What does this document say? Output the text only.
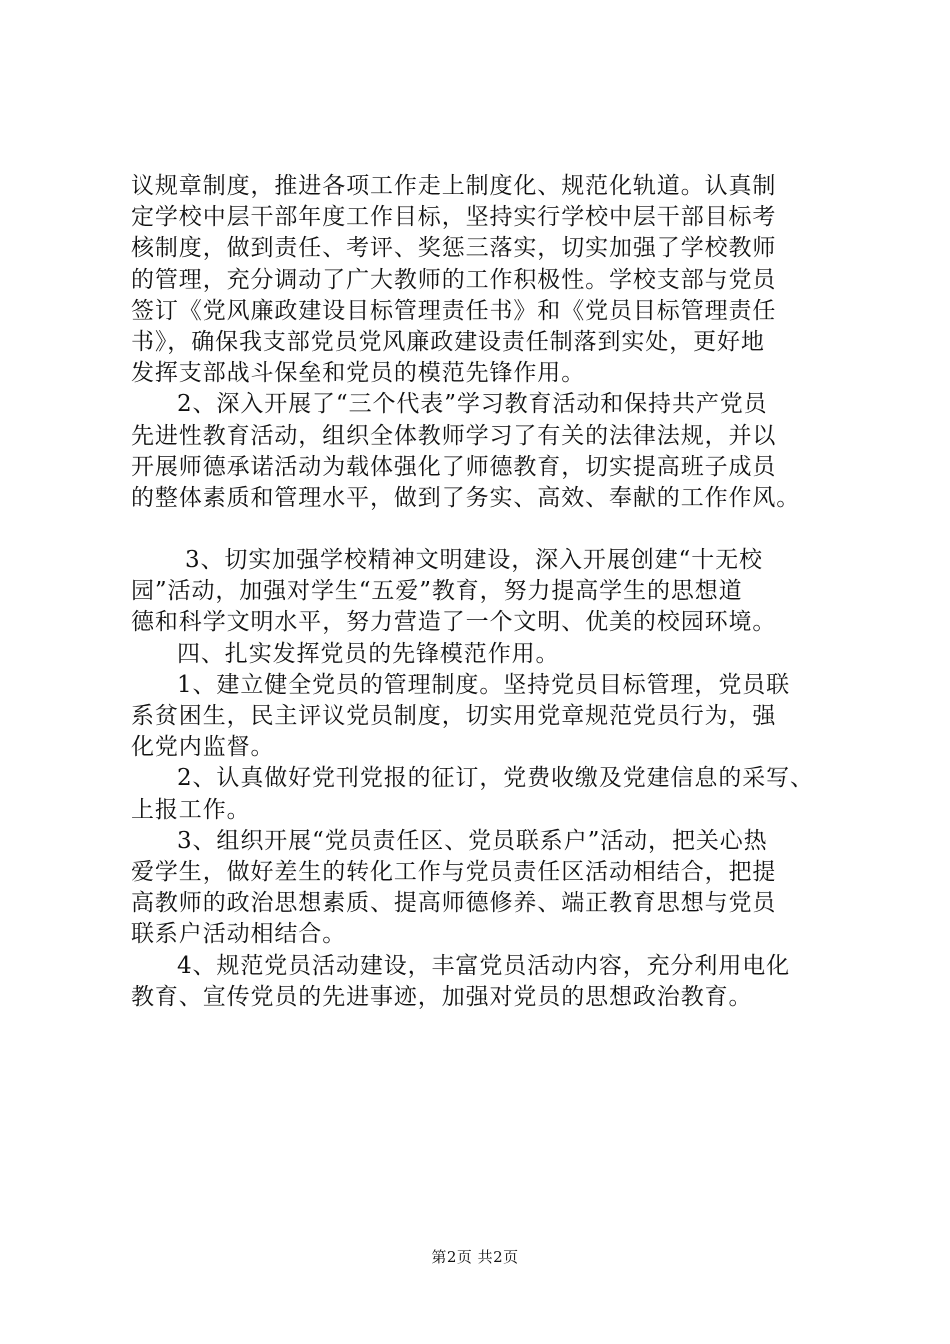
议规章制度，推进各项工作走上制度化、规范化轨道。认真制
定学校中层干部年度工作目标，坚持实行学校中层干部目标考
核制度，做到责任、考评、奖惩三落实，切实加强了学校教师
的管理，充分调动了广大教师的工作积极性。学校支部与党员
签订《党风廉政建设目标管理责任书》和《党员目标管理责任
书》，确保我支部党员党风廉政建设责任制落到实处，更好地
发挥支部战斗保垒和党员的模范先锋作用。
2、深入开展了“三个代表”学习教育活动和保持共产党员
先进性教育活动，组织全体教师学习了有关的法律法规，并以
开展师德承诺活动为载体强化了师德教育，切实提高班子成员
的整体素质和管理水平，做到了务实、高效、奉献的工作作风。
3、切实加强学校精神文明建设，深入开展创建“十无校
园”活动，加强对学生“五爱”教育，努力提高学生的思想道
德和科学文明水平，努力营造了一个文明、优美的校园环境。
四、扎实发挥党员的先锋模范作用。
1、建立健全党员的管理制度。坚持党员目标管理，党员联
系贫困生，民主评议党员制度，切实用党章规范党员行为，强
化党内监督。
2、认真做好党刊党报的征订，党费收缴及党建信息的采写、
上报工作。
3、组织开展“党员责任区、党员联系户”活动，把关心热
爱学生，做好差生的转化工作与党员责任区活动相结合，把提
高教师的政治思想素质、提高师德修养、端正教育思想与党员
联系户活动相结合。
4、规范党员活动建设，丰富党员活动内容，充分利用电化
教育、宣传党员的先进事迹，加强对党员的思想政治教育。
第2页 共2页
